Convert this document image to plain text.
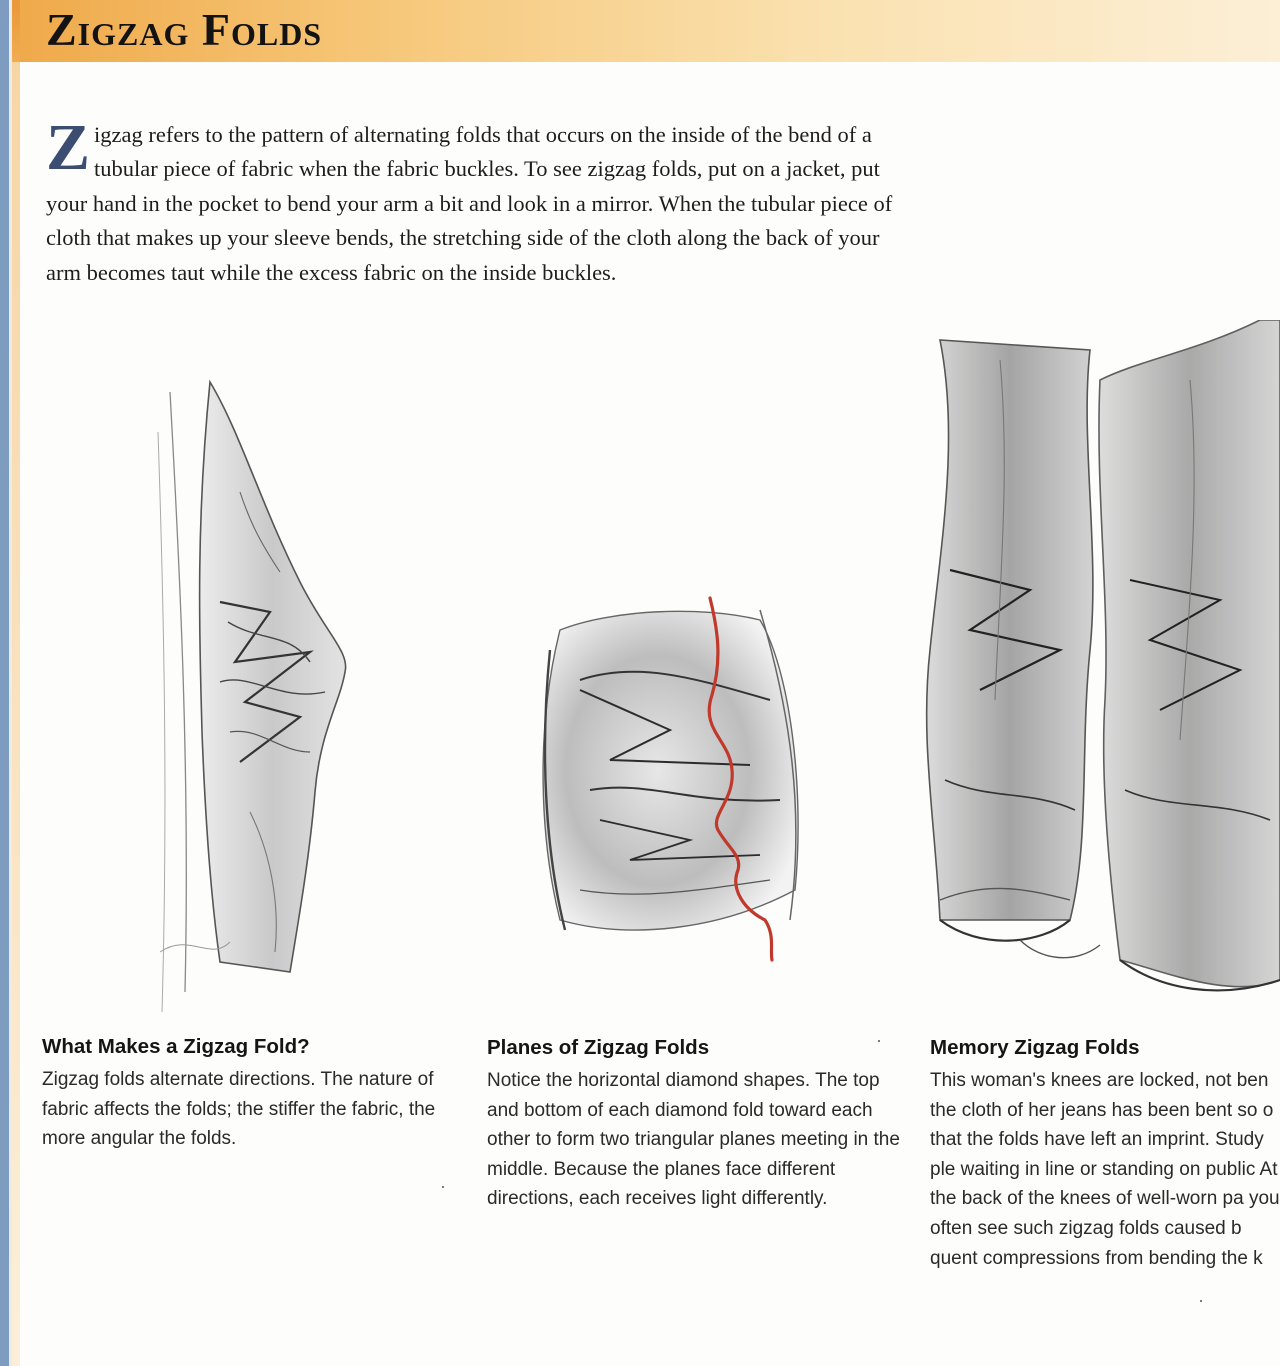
Zigzag Folds

Zigzag refers to the pattern of alternating folds that occurs on the inside of the bend of a tubular piece of fabric when the fabric buckles. To see zigzag folds, put on a jacket, put your hand in the pocket to bend your arm a bit and look in a mirror. When the tubular piece of cloth that makes up your sleeve bends, the stretching side of the cloth along the back of your arm becomes taut while the excess fabric on the inside buckles.

What Makes a Zigzag Fold?

Zigzag folds alternate directions. The nature of fabric affects the folds; the stiffer the fabric, the more angular the folds.

Planes of Zigzag Folds

Notice the horizontal diamond shapes. The top and bottom of each diamond fold toward each other to form two triangular planes meeting in the middle. Because the planes face different directions, each receives light differently.

Memory Zigzag Folds

This woman's knees are locked, not ben the cloth of her jeans has been bent so o that the folds have left an imprint. Study ple waiting in line or standing on public At the back of the knees of well-worn pa you often see such zigzag folds caused b quent compressions from bending the k
